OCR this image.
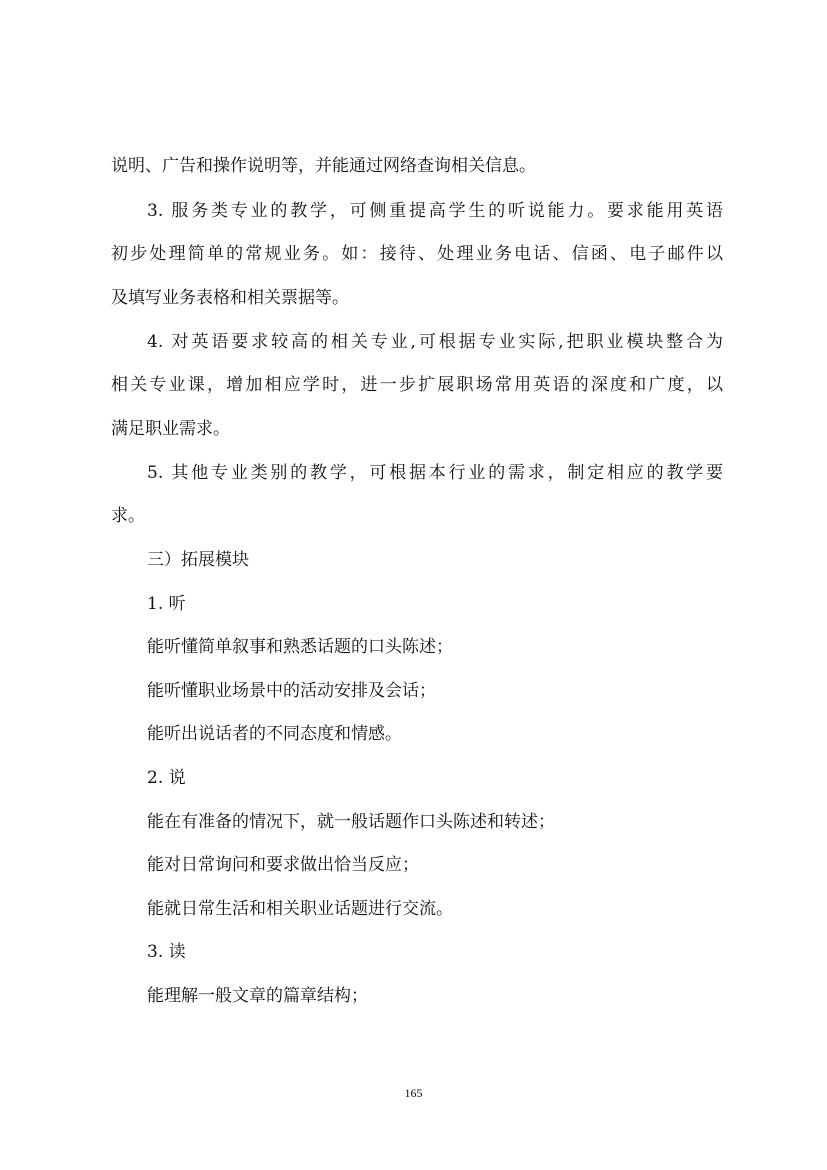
说明、广告和操作说明等，并能通过网络查询相关信息。
3. 服务类专业的教学，可侧重提高学生的听说能力。要求能用英语
初步处理简单的常规业务。如：接待、处理业务电话、信函、电子邮件以
及填写业务表格和相关票据等。
4. 对英语要求较高的相关专业,可根据专业实际,把职业模块整合为
相关专业课，增加相应学时，进一步扩展职场常用英语的深度和广度，以
满足职业需求。
5. 其他专业类别的教学，可根据本行业的需求，制定相应的教学要
求。
三）拓展模块
1. 听
能听懂简单叙事和熟悉话题的口头陈述；
能听懂职业场景中的活动安排及会话；
能听出说话者的不同态度和情感。
2. 说
能在有准备的情况下，就一般话题作口头陈述和转述；
能对日常询问和要求做出恰当反应；
能就日常生活和相关职业话题进行交流。
3. 读
能理解一般文章的篇章结构；
165
